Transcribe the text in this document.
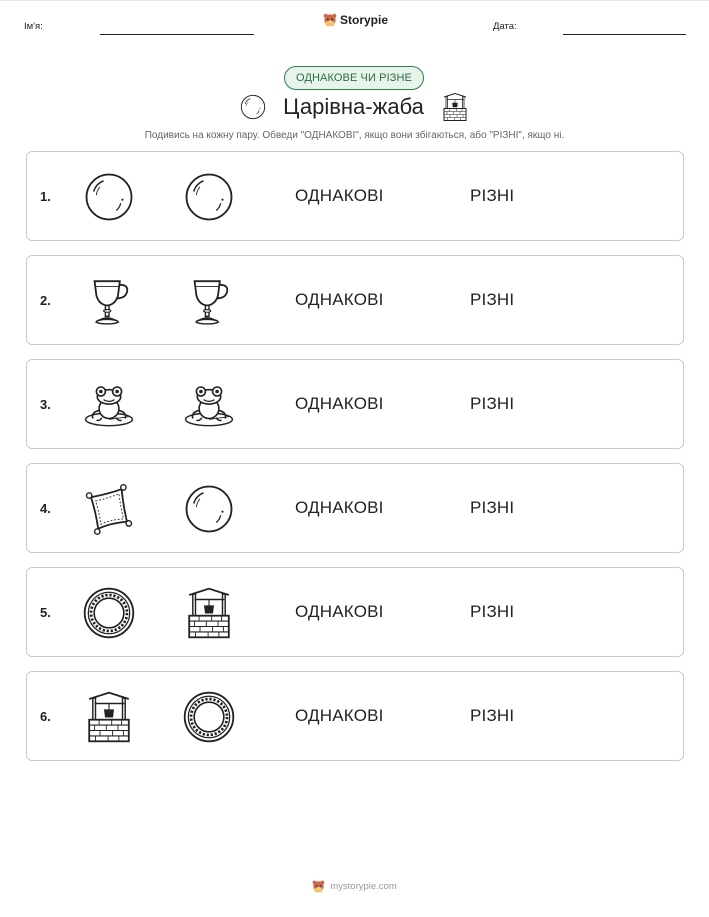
Ім'я:	Storypie	Дата:
ОДНАКОВЕ ЧИ РІЗНЕ
Царівна-жаба
Подивись на кожну пару. Обведи "ОДНАКОВІ", якщо вони збігаються, або "РІЗНІ", якщо ні.
1.	ОДНАКОВІ	РІЗНІ
2.	ОДНАКОВІ	РІЗНІ
3.	ОДНАКОВІ	РІЗНІ
4.	ОДНАКОВІ	РІЗНІ
5.	ОДНАКОВІ	РІЗНІ
6.	ОДНАКОВІ	РІЗНІ
mystorypie.com
